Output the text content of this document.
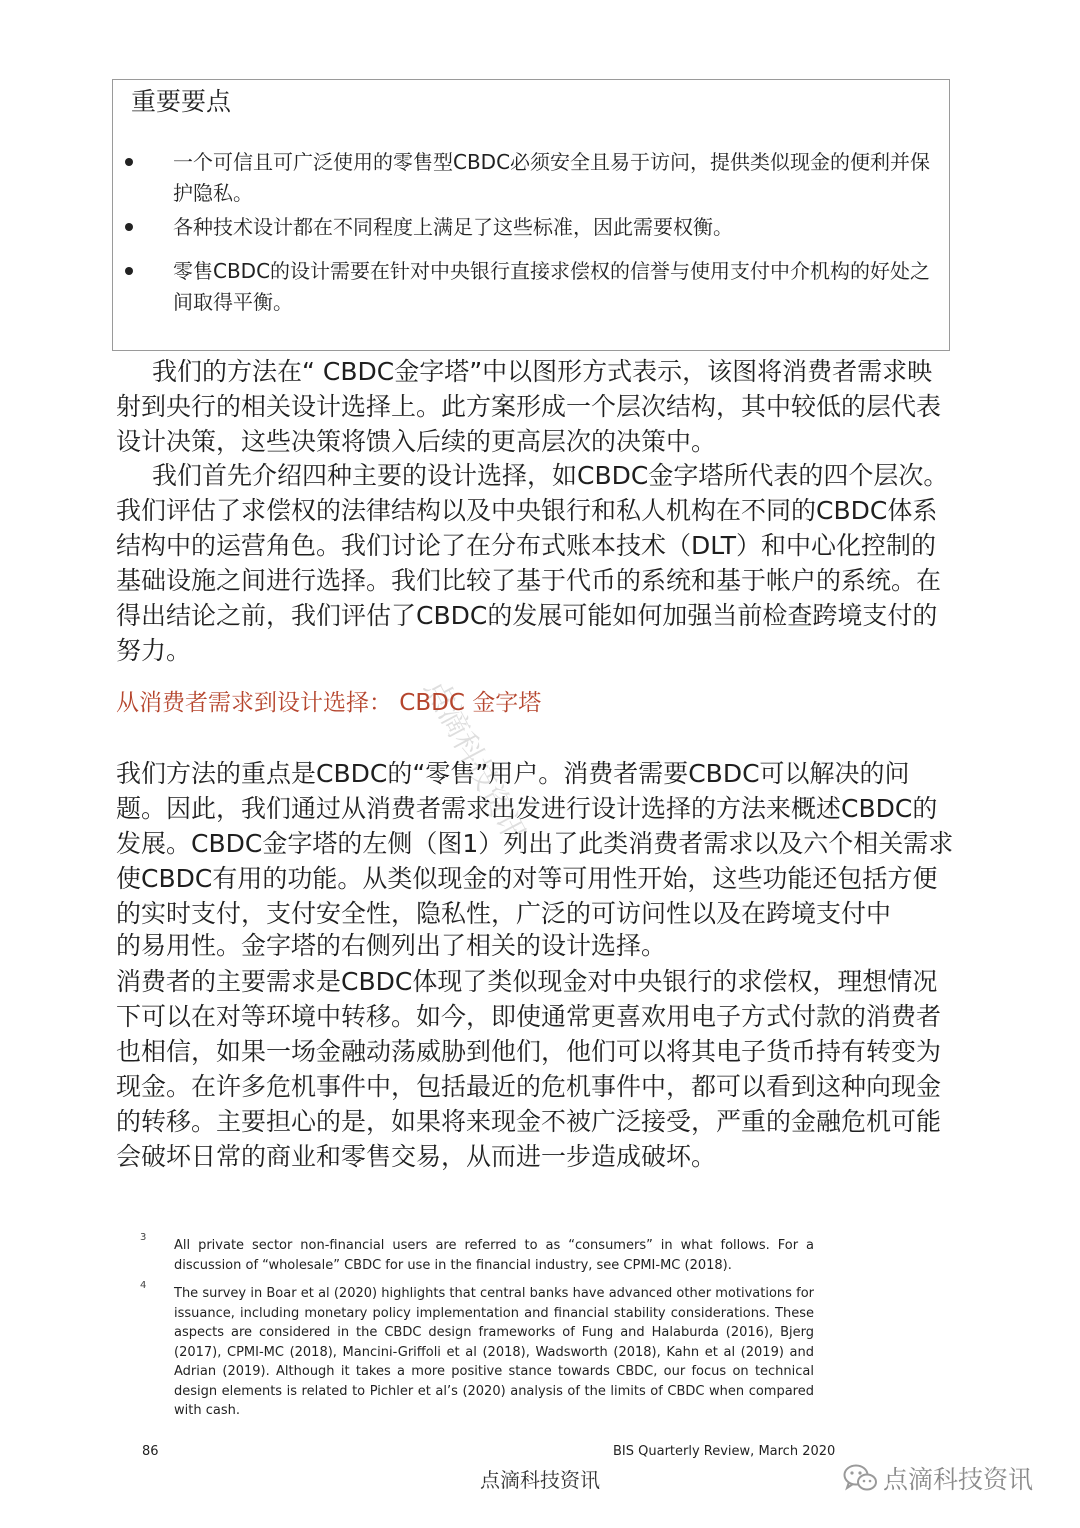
点滴科技资讯
重要要点
一个可信且可广泛使用的零售型CBDC必须安全且易于访问，提供类似现金的便利并保护隐私。
各种技术设计都在不同程度上满足了这些标准，因此需要权衡。
零售CBDC的设计需要在针对中央银行直接求偿权的信誉与使用支付中介机构的好处之间取得平衡。
我们的方法在“ CBDC金字塔”中以图形方式表示，该图将消费者需求映射到央行的相关设计选择上。此方案形成一个层次结构，其中较低的层代表设计决策，这些决策将馈入后续的更高层次的决策中。
我们首先介绍四种主要的设计选择，如CBDC金字塔所代表的四个层次。我们评估了求偿权的法律结构以及中央银行和私人机构在不同的CBDC体系结构中的运营角色。我们讨论了在分布式账本技术（DLT）和中心化控制的基础设施之间进行选择。我们比较了基于代币的系统和基于帐户的系统。在得出结论之前，我们评估了CBDC的发展可能如何加强当前检查跨境支付的努力。
从消费者需求到设计选择： CBDC 金字塔
我们方法的重点是CBDC的“零售”用户。消费者需要CBDC可以解决的问题。因此，我们通过从消费者需求出发进行设计选择的方法来概述CBDC的发展。CBDC金字塔的左侧（图1）列出了此类消费者需求以及六个相关需求使CBDC有用的功能。从类似现金的对等可用性开始，这些功能还包括方便的实时支付，支付安全性，隐私性，广泛的可访问性以及在跨境支付中
的易用性。金字塔的右侧列出了相关的设计选择。
消费者的主要需求是CBDC体现了类似现金对中央银行的求偿权，理想情况下可以在对等环境中转移。如今，即使通常更喜欢用电子方式付款的消费者也相信，如果一场金融动荡威胁到他们，他们可以将其电子货币持有转变为现金。在许多危机事件中，包括最近的危机事件中，都可以看到这种向现金的转移。主要担心的是，如果将来现金不被广泛接受，严重的金融危机可能会破坏日常的商业和零售交易，从而进一步造成破坏。
3
All private sector non-financial users are referred to as “consumers” in what follows. For a discussion of “wholesale” CBDC for use in the financial industry, see CPMI-MC (2018).
4
The survey in Boar et al (2020) highlights that central banks have advanced other motivations for issuance, including monetary policy implementation and financial stability considerations. These aspects are considered in the CBDC design frameworks of Fung and Halaburda (2016), Bjerg (2017), CPMI-MC (2018), Mancini-Griffoli et al (2018), Wadsworth (2018), Kahn et al (2019) and Adrian (2019). Although it takes a more positive stance towards CBDC, our focus on technical design elements is related to Pichler et al’s (2020) analysis of the limits of CBDC when compared with cash.
86	BIS Quarterly Review, March 2020
点滴科技资讯	点滴科技资讯
